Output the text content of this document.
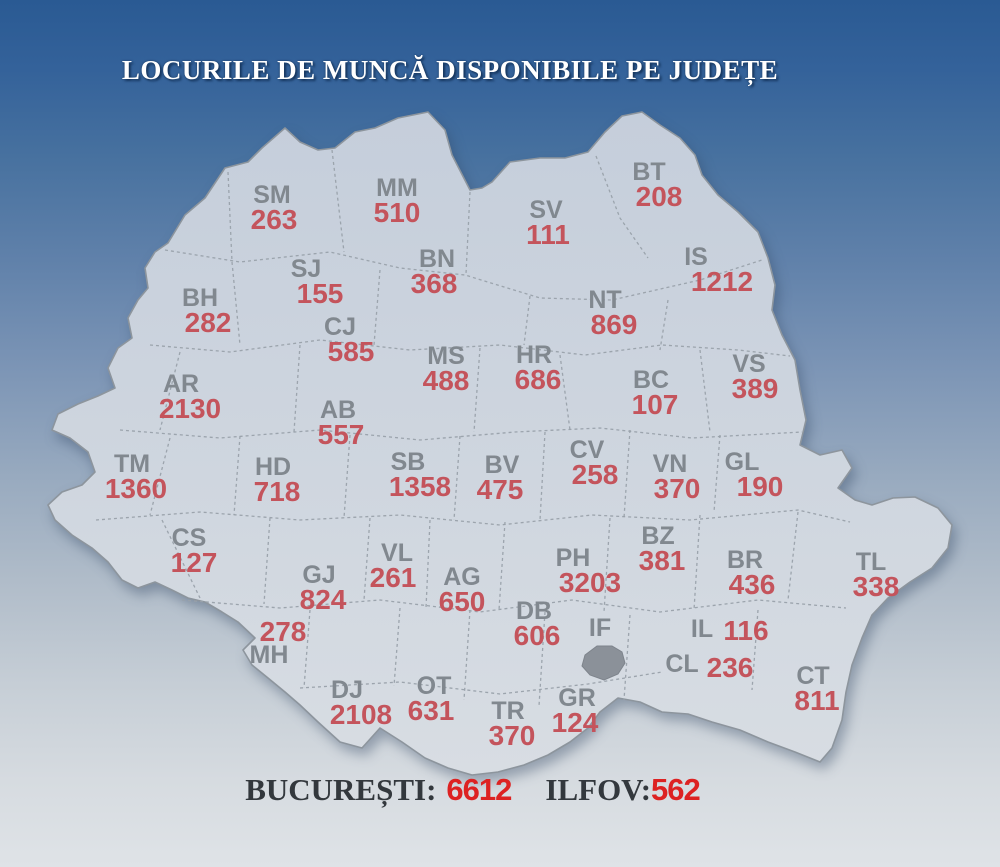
LOCURILE DE MUNCĂ DISPONIBILE PE JUDEȚE
SM
263
MM
510	SV
111
BT
208
IS
1212
BN
368
SJ
155
BH
282
NT
869
CJ
585	MS
488
HR
686	VS
389
AR
2130
BC
107
AB
557
TM
1360
HD
718
SB
1358
BV
475
CV
258	VN
370
GL
190
CS
127
BZ
381
VL
261
PH
3203
BR
436
TL
338
GJ
824
AG
650	DB
606	IF	IL 116
MH
278
CL 236	CT
811
DJ
2108
OT
631	GR
124
TR
370
BUCUREȘTI: 6612 ILFOV:562
